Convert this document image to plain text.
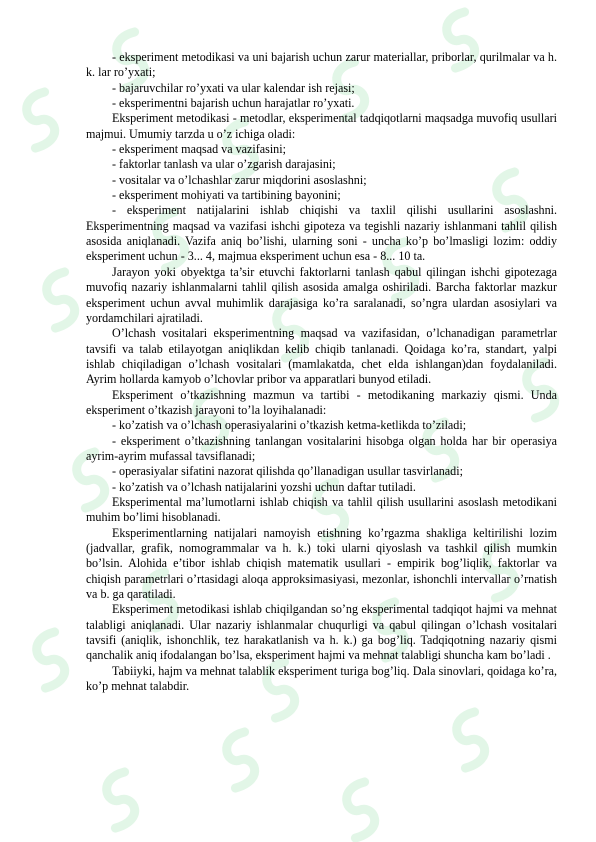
- eksperiment metodikasi va uni bajarish uchun zarur materiallar, priborlar, qurilmalar va h. k. lar ro’yxati;

- bajaruvchilar ro’yxati va ular kalendar ish rejasi;

- eksperimentni bajarish uchun harajatlar ro’yxati.

Eksperiment metodikasi - metodlar, eksperimental tadqiqotlarni maqsadga muvofiq usullari majmui. Umumiy tarzda u o’z ichiga oladi:

- eksperiment maqsad va vazifasini;

- faktorlar tanlash va ular o’zgarish darajasini;

- vositalar va o’lchashlar zarur miqdorini asoslashni;

- eksperiment mohiyati va tartibining bayonini;

- eksperiment natijalarini ishlab chiqishi va taxlil qilishi usullarini asoslashni. Eksperimentning maqsad va vazifasi ishchi gipoteza va tegishli nazariy ishlanmani tahlil qilish asosida aniqlanadi. Vazifa aniq bo’lishi, ularning soni - uncha ko’p bo’lmasligi lozim: oddiy eksperiment uchun - 3... 4, majmua eksperiment uchun esa - 8... 10 ta.

Jarayon yoki obyektga ta’sir etuvchi faktorlarni tanlash qabul qilingan ishchi gipotezaga muvofiq nazariy ishlanmalarni tahlil qilish asosida amalga oshiriladi. Barcha faktorlar mazkur eksperiment uchun avval muhimlik darajasiga ko’ra saralanadi, so’ngra ulardan asosiylari va yordamchilari ajratiladi.

O’lchash vositalari eksperimentning maqsad va vazifasidan, o’lchanadigan parametrlar tavsifi va talab etilayotgan aniqlikdan kelib chiqib tanlanadi. Qoidaga ko’ra, standart, yalpi ishlab chiqiladigan o’lchash vositalari (mamlakatda, chet elda ishlangan)dan foydalaniladi. Ayrim hollarda kamyob o’lchovlar pribor va apparatlari bunyod etiladi.

Eksperiment o’tkazishning mazmun va tartibi - metodikaning markaziy qismi. Unda eksperiment o’tkazish jarayoni to’la loyihalanadi:

- ko’zatish va o’lchash operasiyalarini o’tkazish ketma-ketlikda to’ziladi;

- eksperiment o’tkazishning tanlangan vositalarini hisobga olgan holda har bir operasiya ayrim-ayrim mufassal tavsiflanadi;

- operasiyalar sifatini nazorat qilishda qo’llanadigan usullar tasvirlanadi;

- ko’zatish va o’lchash natijalarini yozshi uchun daftar tutiladi.

Eksperimental ma’lumotlarni ishlab chiqish va tahlil qilish usullarini asoslash metodikani muhim bo’limi hisoblanadi.

Eksperimentlarning natijalari namoyish etishning ko’rgazma shakliga keltirilishi lozim (jadvallar, grafik, nomogrammalar va h. k.) toki ularni qiyoslash va tashkil qilish mumkin bo’lsin. Alohida e’tibor ishlab chiqish matematik usullari - empirik bog’liqlik, faktorlar va chiqish parametrlari o’rtasidagi aloqa approksimasiyasi, mezonlar, ishonchli intervallar o’rnatish va b. ga qaratiladi.

Eksperiment metodikasi ishlab chiqilgandan so’ng eksperimental tadqiqot hajmi va mehnat talabligi aniqlanadi. Ular nazariy ishlanmalar chuqurligi va qabul qilingan o’lchash vositalari tavsifi (aniqlik, ishonchlik, tez harakatlanish va h. k.) ga bog’liq. Tadqiqotning nazariy qismi qanchalik aniq ifodalangan bo’lsa, eksperiment hajmi va mehnat talabligi shuncha kam bo’ladi .

Tabiiyki, hajm va mehnat talablik eksperiment turiga bog’liq. Dala sinovlari, qoidaga ko’ra, ko’p mehnat talabdir.
